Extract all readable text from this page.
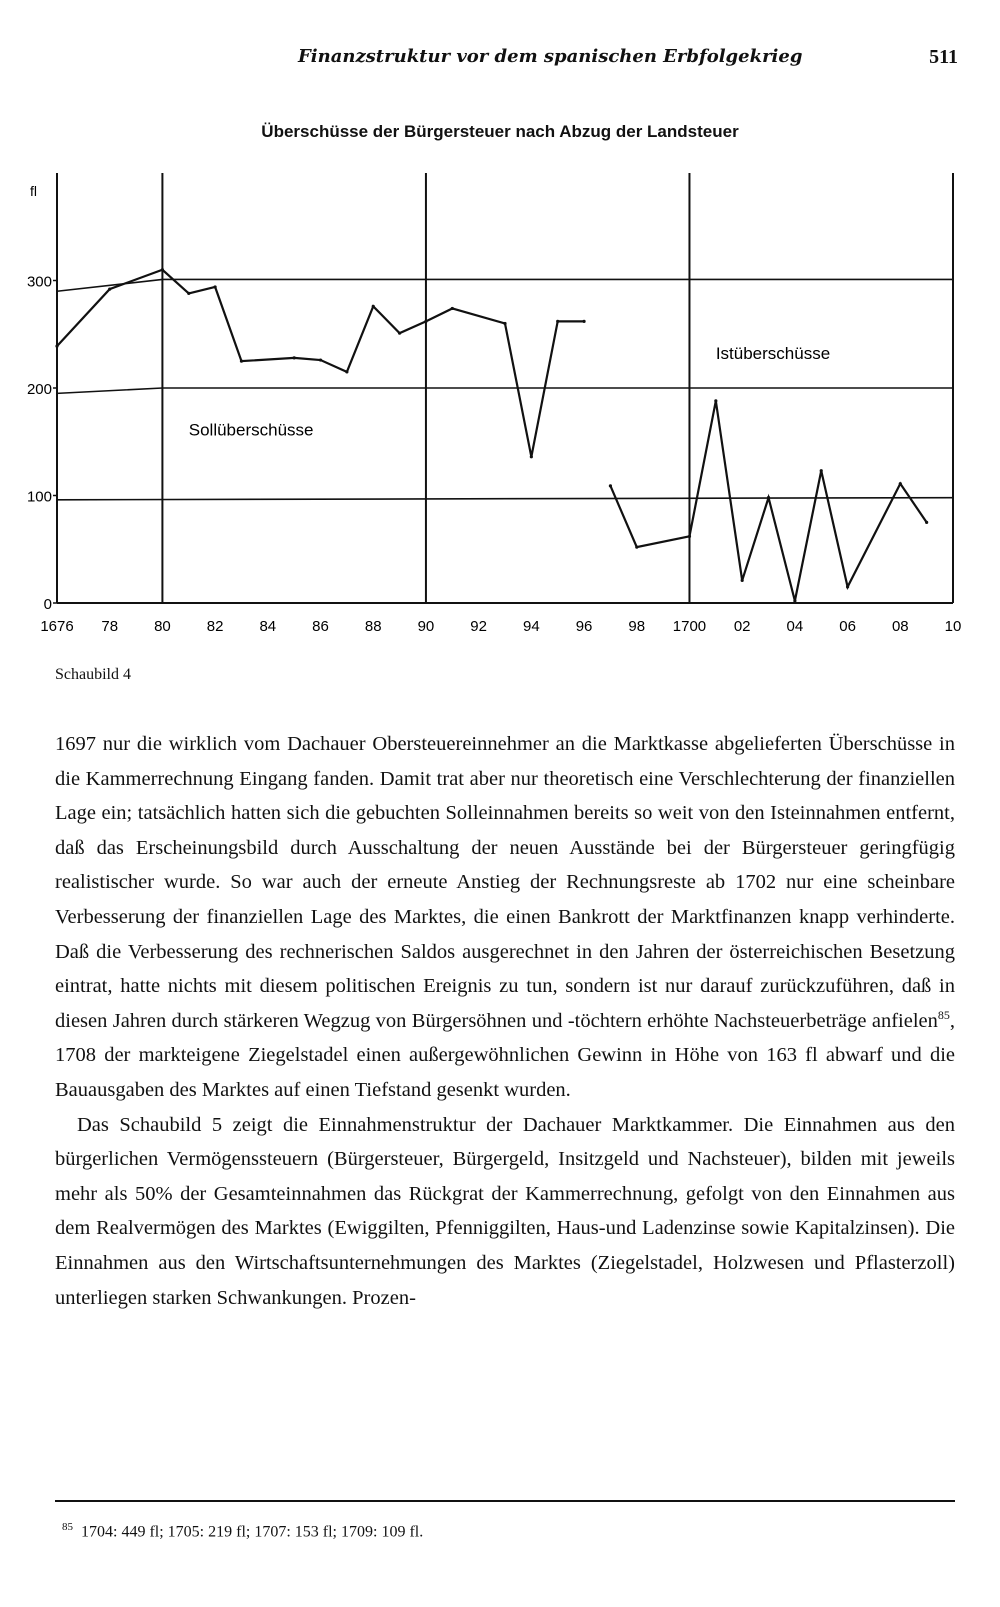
Finanzstruktur vor dem spanischen Erbfolgekrieg	511
Überschüsse der Bürgersteuer nach Abzug der Landsteuer
0
100
200
300
fl
1676 78 80 82 84 86 88 90 92 94 96 98 1700 02 04 06 08 10
Sollüberschüsse
Istüberschüsse
Schaubild 4

1697 nur die wirklich vom Dachauer Obersteuereinnehmer an die Marktkasse abgelieferten Überschüsse in die Kammerrechnung Eingang fanden. Damit trat aber nur theoretisch eine Verschlechterung der finanziellen Lage ein; tatsächlich hatten sich die gebuchten Solleinnahmen bereits so weit von den Isteinnahmen entfernt, daß das Erscheinungsbild durch Ausschaltung der neuen Ausstände bei der Bürgersteuer geringfügig realistischer wurde. So war auch der erneute Anstieg der Rechnungsreste ab 1702 nur eine scheinbare Verbesserung der finanziellen Lage des Marktes, die einen Bankrott der Marktfinanzen knapp verhinderte. Daß die Verbesserung des rechnerischen Saldos ausgerechnet in den Jahren der österreichischen Besetzung eintrat, hatte nichts mit diesem politischen Ereignis zu tun, sondern ist nur darauf zurückzuführen, daß in diesen Jahren durch stärkeren Wegzug von Bürgersöhnen und -töchtern erhöhte Nachsteuerbeträge anfielen$^{85}$, 1708 der markteigene Ziegelstadel einen außergewöhnlichen Gewinn in Höhe von 163 fl abwarf und die Bauausgaben des Marktes auf einen Tiefstand gesenkt wurden.

Das Schaubild 5 zeigt die Einnahmenstruktur der Dachauer Marktkammer. Die Einnahmen aus den bürgerlichen Vermögenssteuern (Bürgersteuer, Bürgergeld, Insitzgeld und Nachsteuer), bilden mit jeweils mehr als 50% der Gesamteinnahmen das Rückgrat der Kammerrechnung, gefolgt von den Einnahmen aus dem Realvermögen des Marktes (Ewiggilten, Pfenniggilten, Haus-und Ladenzinse sowie Kapitalzinsen). Die Einnahmen aus den Wirtschaftsunternehmungen des Marktes (Ziegelstadel, Holzwesen und Pflasterzoll) unterliegen starken Schwankungen. Prozen-

$^{85}$ 1704: 449 fl; 1705: 219 fl; 1707: 153 fl; 1709: 109 fl.
